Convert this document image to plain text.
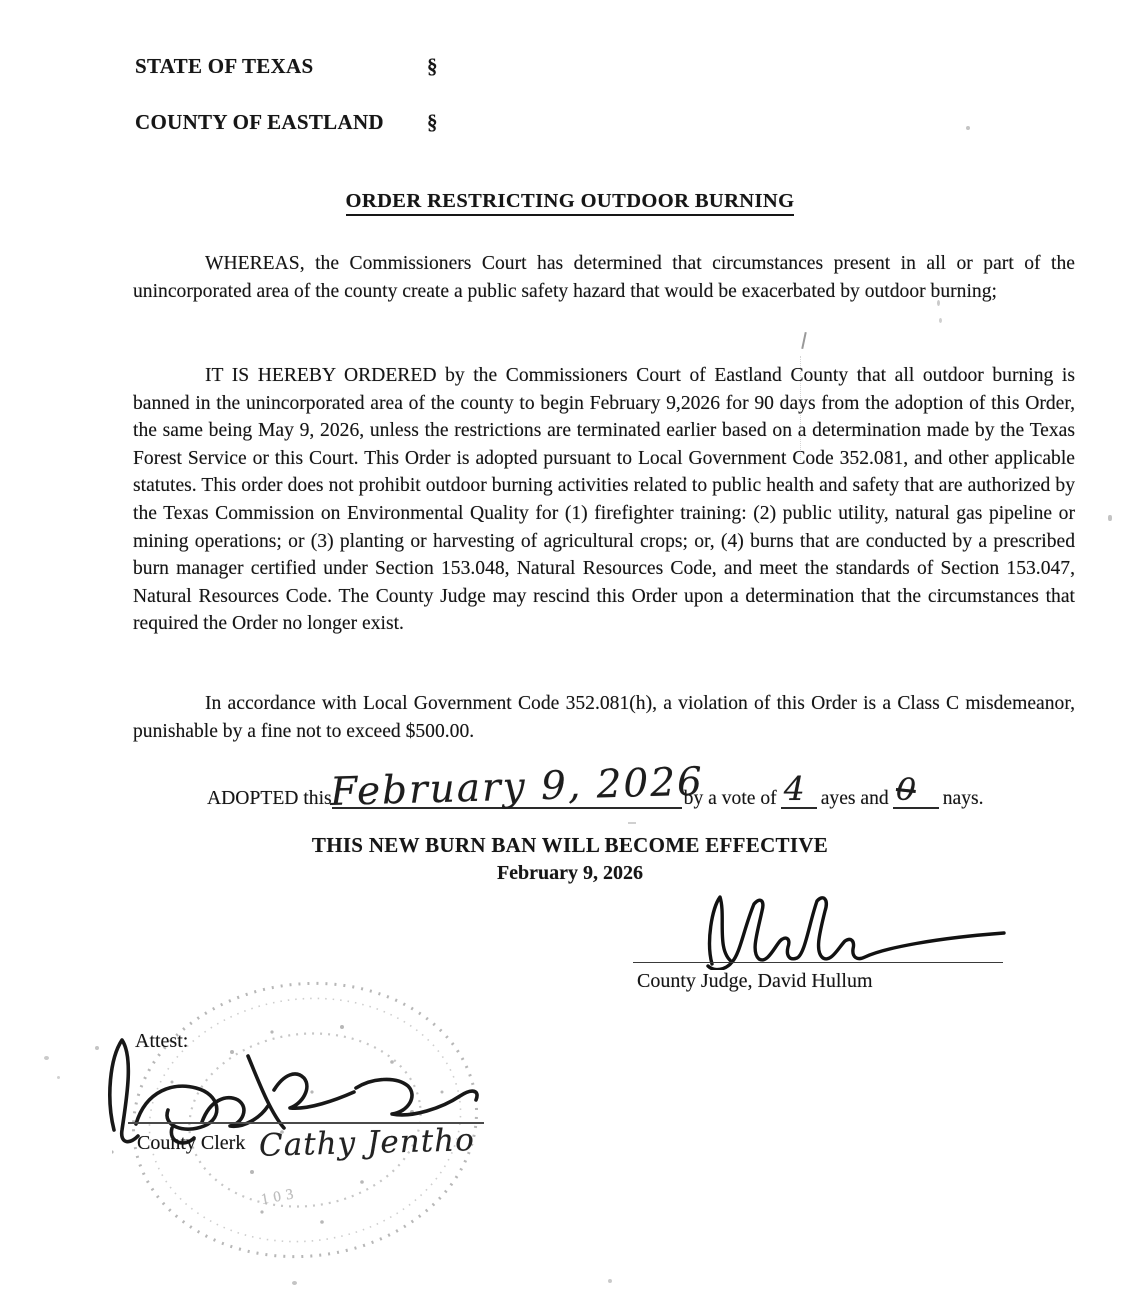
STATE OF TEXAS	§
COUNTY OF EASTLAND	§
ORDER RESTRICTING OUTDOOR BURNING

WHEREAS, the Commissioners Court has determined that circumstances present in all or part of the unincorporated area of the county create a public safety hazard that would be exacerbated by outdoor burning;

IT IS HEREBY ORDERED by the Commissioners Court of Eastland County that all outdoor burning is banned in the unincorporated area of the county to begin February 9,2026 for 90 days from the adoption of this Order, the same being May 9, 2026, unless the restrictions are terminated earlier based on a determination made by the Texas Forest Service or this Court. This Order is adopted pursuant to Local Government Code 352.081, and other applicable statutes. This order does not prohibit outdoor burning activities related to public health and safety that are authorized by the Texas Commission on Environmental Quality for (1) firefighter training: (2) public utility, natural gas pipeline or mining operations; or (3) planting or harvesting of agricultural crops; or, (4) burns that are conducted by a prescribed burn manager certified under Section 153.048, Natural Resources Code, and meet the standards of Section 153.047, Natural Resources Code. The County Judge may rescind this Order upon a determination that the circumstances that required the Order no longer exist.

In accordance with Local Government Code 352.081(h), a violation of this Order is a Class C misdemeanor, punishable by a fine not to exceed $500.00.

ADOPTED this
February 9, 2026
by a vote of 4 ayes and 0 nays.
THIS NEW BURN BAN WILL BECOME EFFECTIVE
February 9, 2026
County Judge, David Hullum
103
Attest:
County Clerk Cathy Jentho
